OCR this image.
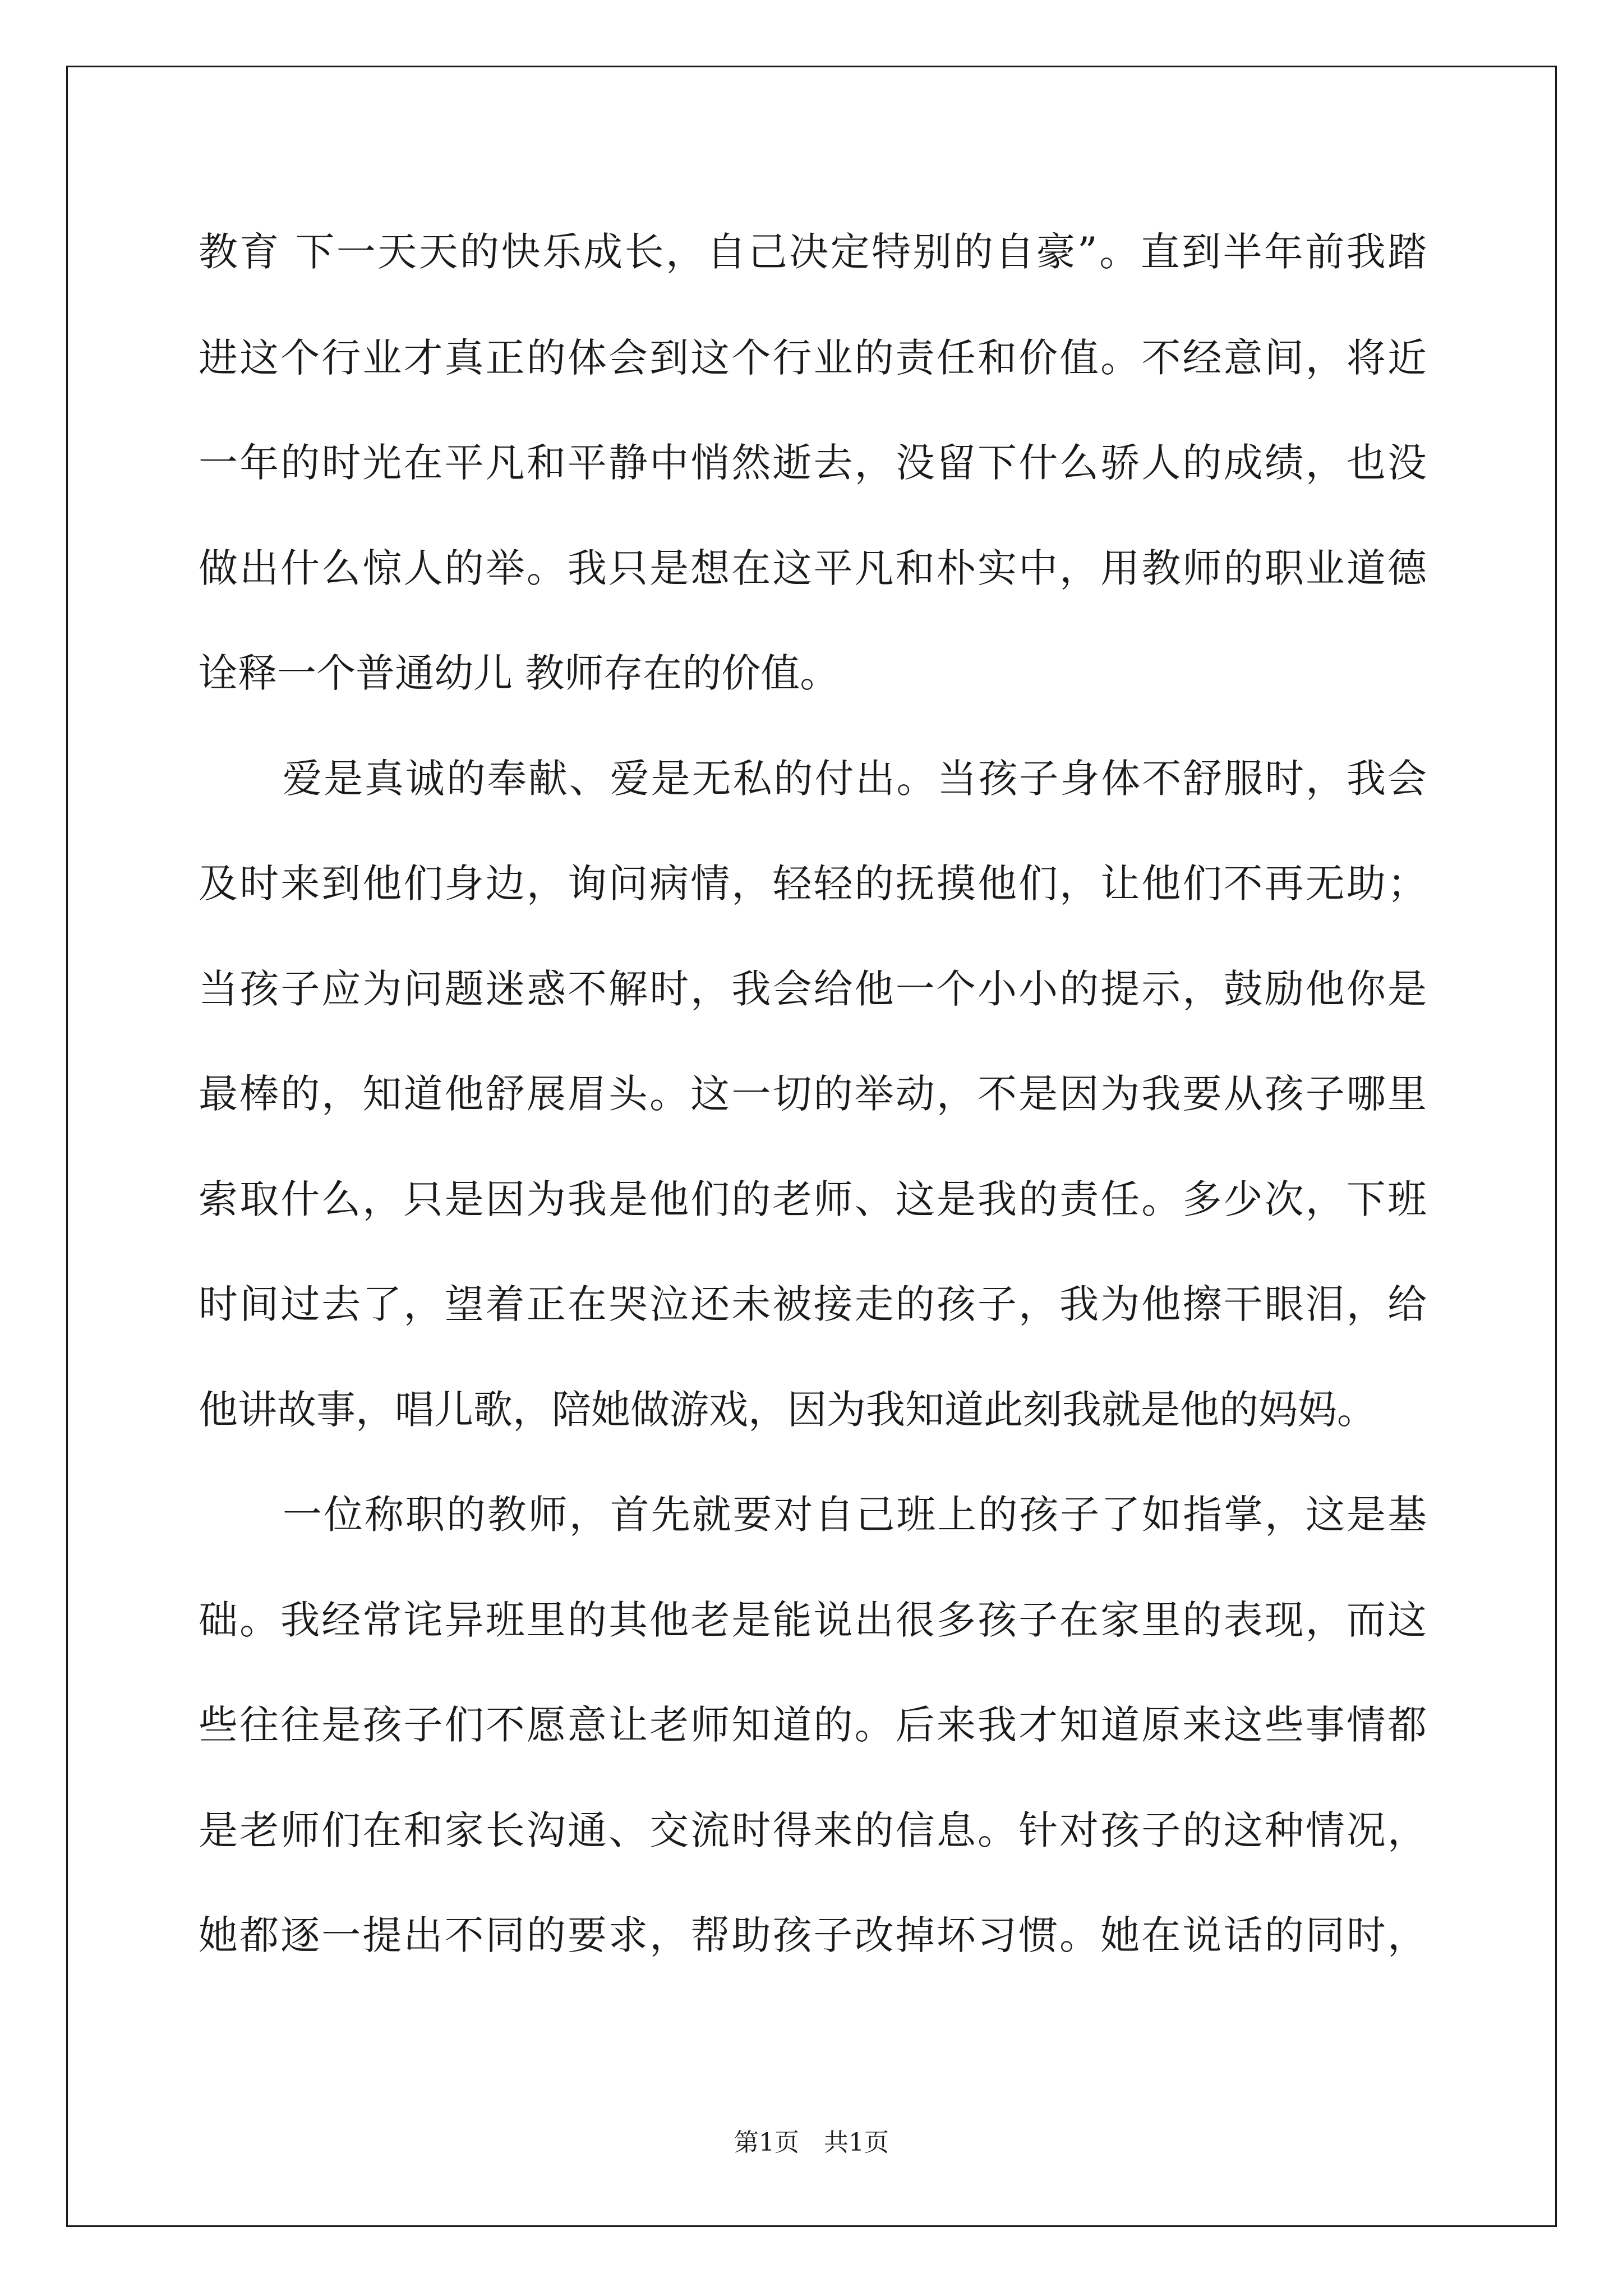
教育 下一天天的快乐成长，自己决定特别的自豪”。直到半年前我踏
进这个行业才真正的体会到这个行业的责任和价值。不经意间，将近
一年的时光在平凡和平静中悄然逝去，没留下什么骄人的成绩，也没
做出什么惊人的举。我只是想在这平凡和朴实中，用教师的职业道德
诠释一个普通幼儿 教师存在的价值。
爱是真诚的奉献、爱是无私的付出。当孩子身体不舒服时，我会
及时来到他们身边，询问病情，轻轻的抚摸他们，让他们不再无助；
当孩子应为问题迷惑不解时，我会给他一个小小的提示，鼓励他你是
最棒的，知道他舒展眉头。这一切的举动，不是因为我要从孩子哪里
索取什么，只是因为我是他们的老师、这是我的责任。多少次，下班
时间过去了，望着正在哭泣还未被接走的孩子，我为他擦干眼泪，给
他讲故事，唱儿歌，陪她做游戏，因为我知道此刻我就是他的妈妈。
一位称职的教师，首先就要对自己班上的孩子了如指掌，这是基
础。我经常诧异班里的其他老是能说出很多孩子在家里的表现，而这
些往往是孩子们不愿意让老师知道的。后来我才知道原来这些事情都
是老师们在和家长沟通、交流时得来的信息。针对孩子的这种情况，
她都逐一提出不同的要求，帮助孩子改掉坏习惯。她在说话的同时，
第1页 共1页
